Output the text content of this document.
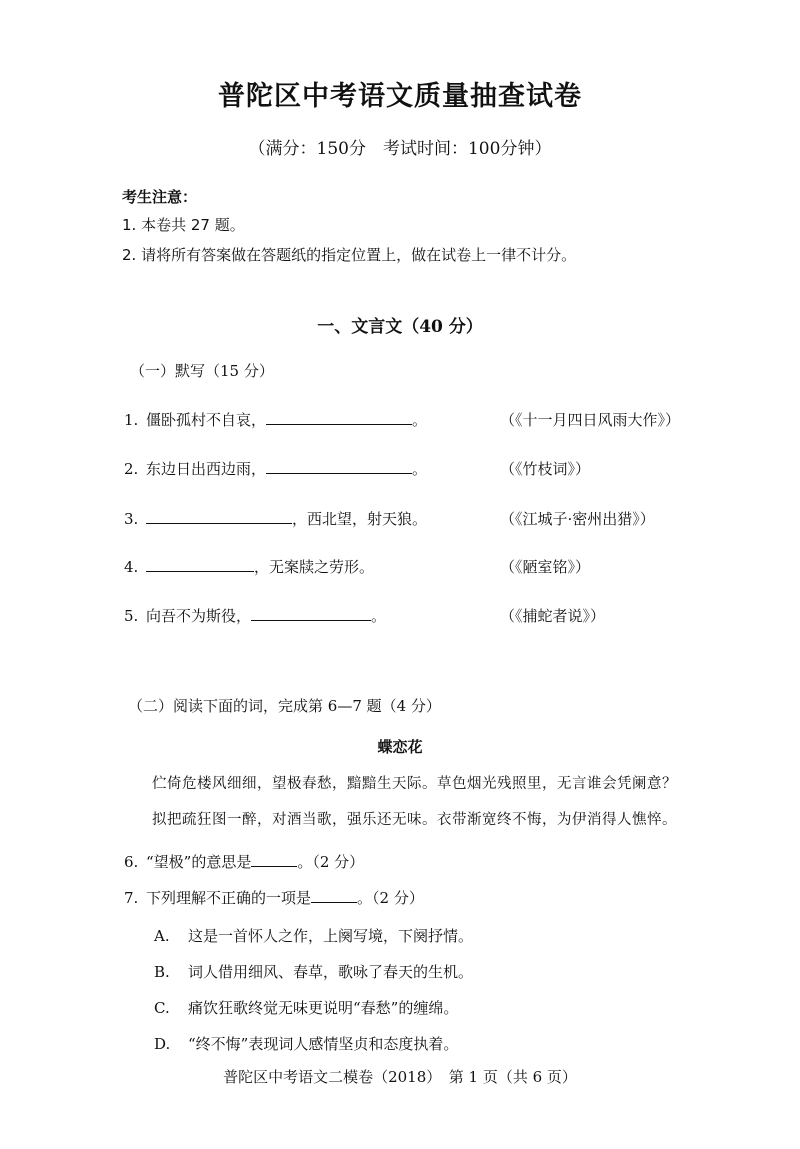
普陀区中考语文质量抽查试卷
（满分：150分　考试时间：100分钟）
考生注意：
1. 本卷共 27 题。
2. 请将所有答案做在答题纸的指定位置上，做在试卷上一律不计分。
一、文言文（40 分）
（一）默写（15 分）
1. 僵卧孤村不自哀，	。	（《十一月四日风雨大作》）
2. 东边日出西边雨，	。	（《竹枝词》）
3.	，西北望，射天狼。	（《江城子·密州出猎》）
4.	，无案牍之劳形。	（《陋室铭》）
5. 向吾不为斯役，	。	（《捕蛇者说》）
（二）阅读下面的词，完成第 6—7 题（4 分）
蝶恋花
伫倚危楼风细细，望极春愁，黯黯生天际。草色烟光残照里，无言谁会凭阑意？
拟把疏狂图一醉，对酒当歌，强乐还无味。衣带渐宽终不悔，为伊消得人憔悴。
6. “望极”的意思是	。（2 分）
7. 下列理解不正确的一项是	。（2 分）
A. 这是一首怀人之作，上阕写境，下阕抒情。
B. 词人借用细风、春草，歌咏了春天的生机。
C. 痛饮狂歌终觉无味更说明“春愁”的缠绵。
D. “终不悔”表现词人感情坚贞和态度执着。
普陀区中考语文二模卷（2018）　第 1 页（共 6 页）
